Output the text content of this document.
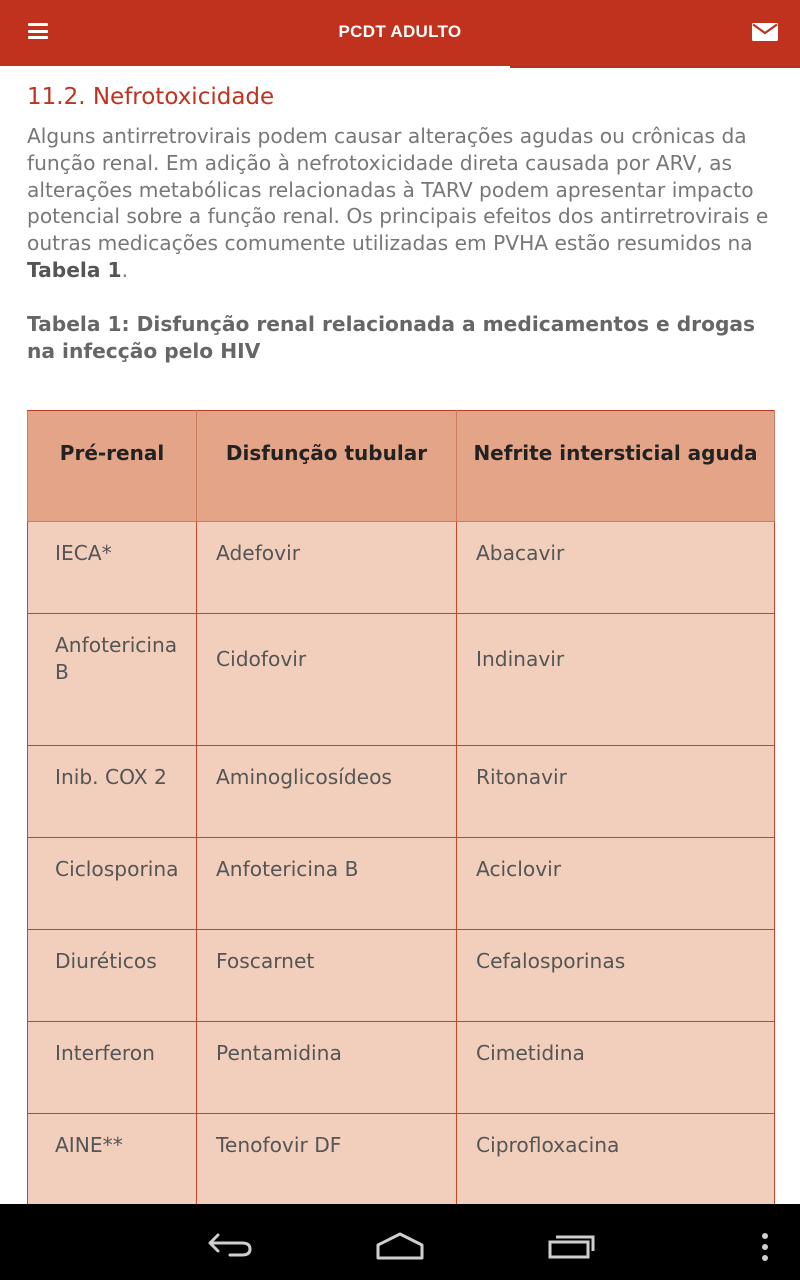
PCDT ADULTO
11.2. Nefrotoxicidade

Alguns antirretrovirais podem causar alterações agudas ou crônicas da função renal. Em adição à nefrotoxicidade direta causada por ARV, as alterações metabólicas relacionadas à TARV podem apresentar impacto potencial sobre a função renal. Os principais efeitos dos antirretrovirais e outras medicações comumente utilizadas em PVHA estão resumidos na Tabela 1.

Tabela 1: Disfunção renal relacionada a medicamentos e drogas na infecção pelo HIV

Pré-renal	Disfunção tubular	Nefrite intersticial aguda
IECA*	Adefovir	Abacavir
Anfotericina B	Cidofovir	Indinavir
Inib. COX 2	Aminoglicosídeos	Ritonavir
Ciclosporina	Anfotericina B	Aciclovir
Diuréticos	Foscarnet	Cefalosporinas
Interferon	Pentamidina	Cimetidina
AINE**	Tenofovir DF	Ciprofloxacina
